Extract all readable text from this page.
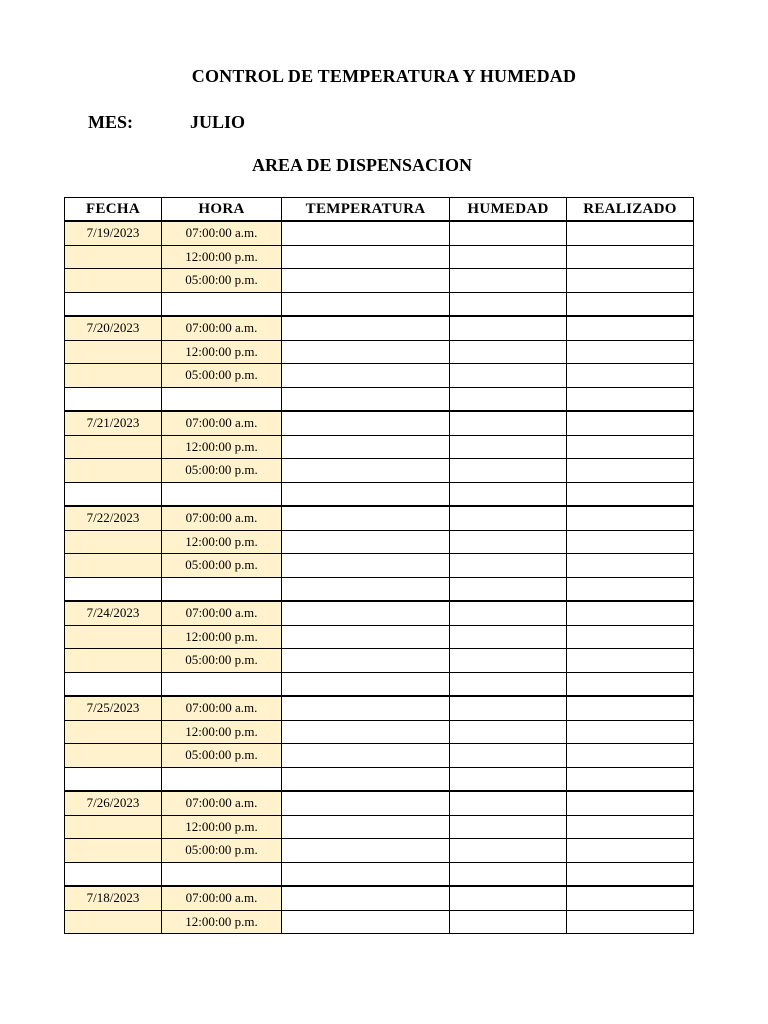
CONTROL DE TEMPERATURA Y HUMEDAD
MES:	JULIO
AREA DE DISPENSACION
FECHA	HORA	TEMPERATURA	HUMEDAD	REALIZADO
7/19/2023	07:00:00 a.m.			
	12:00:00 p.m.			
	05:00:00 p.m.			

7/20/2023	07:00:00 a.m.			
	12:00:00 p.m.			
	05:00:00 p.m.			

7/21/2023	07:00:00 a.m.			
	12:00:00 p.m.			
	05:00:00 p.m.			

7/22/2023	07:00:00 a.m.			
	12:00:00 p.m.			
	05:00:00 p.m.			

7/24/2023	07:00:00 a.m.			
	12:00:00 p.m.			
	05:00:00 p.m.			

7/25/2023	07:00:00 a.m.			
	12:00:00 p.m.			
	05:00:00 p.m.			

7/26/2023	07:00:00 a.m.			
	12:00:00 p.m.			
	05:00:00 p.m.			

7/18/2023	07:00:00 a.m.			
	12:00:00 p.m.			
